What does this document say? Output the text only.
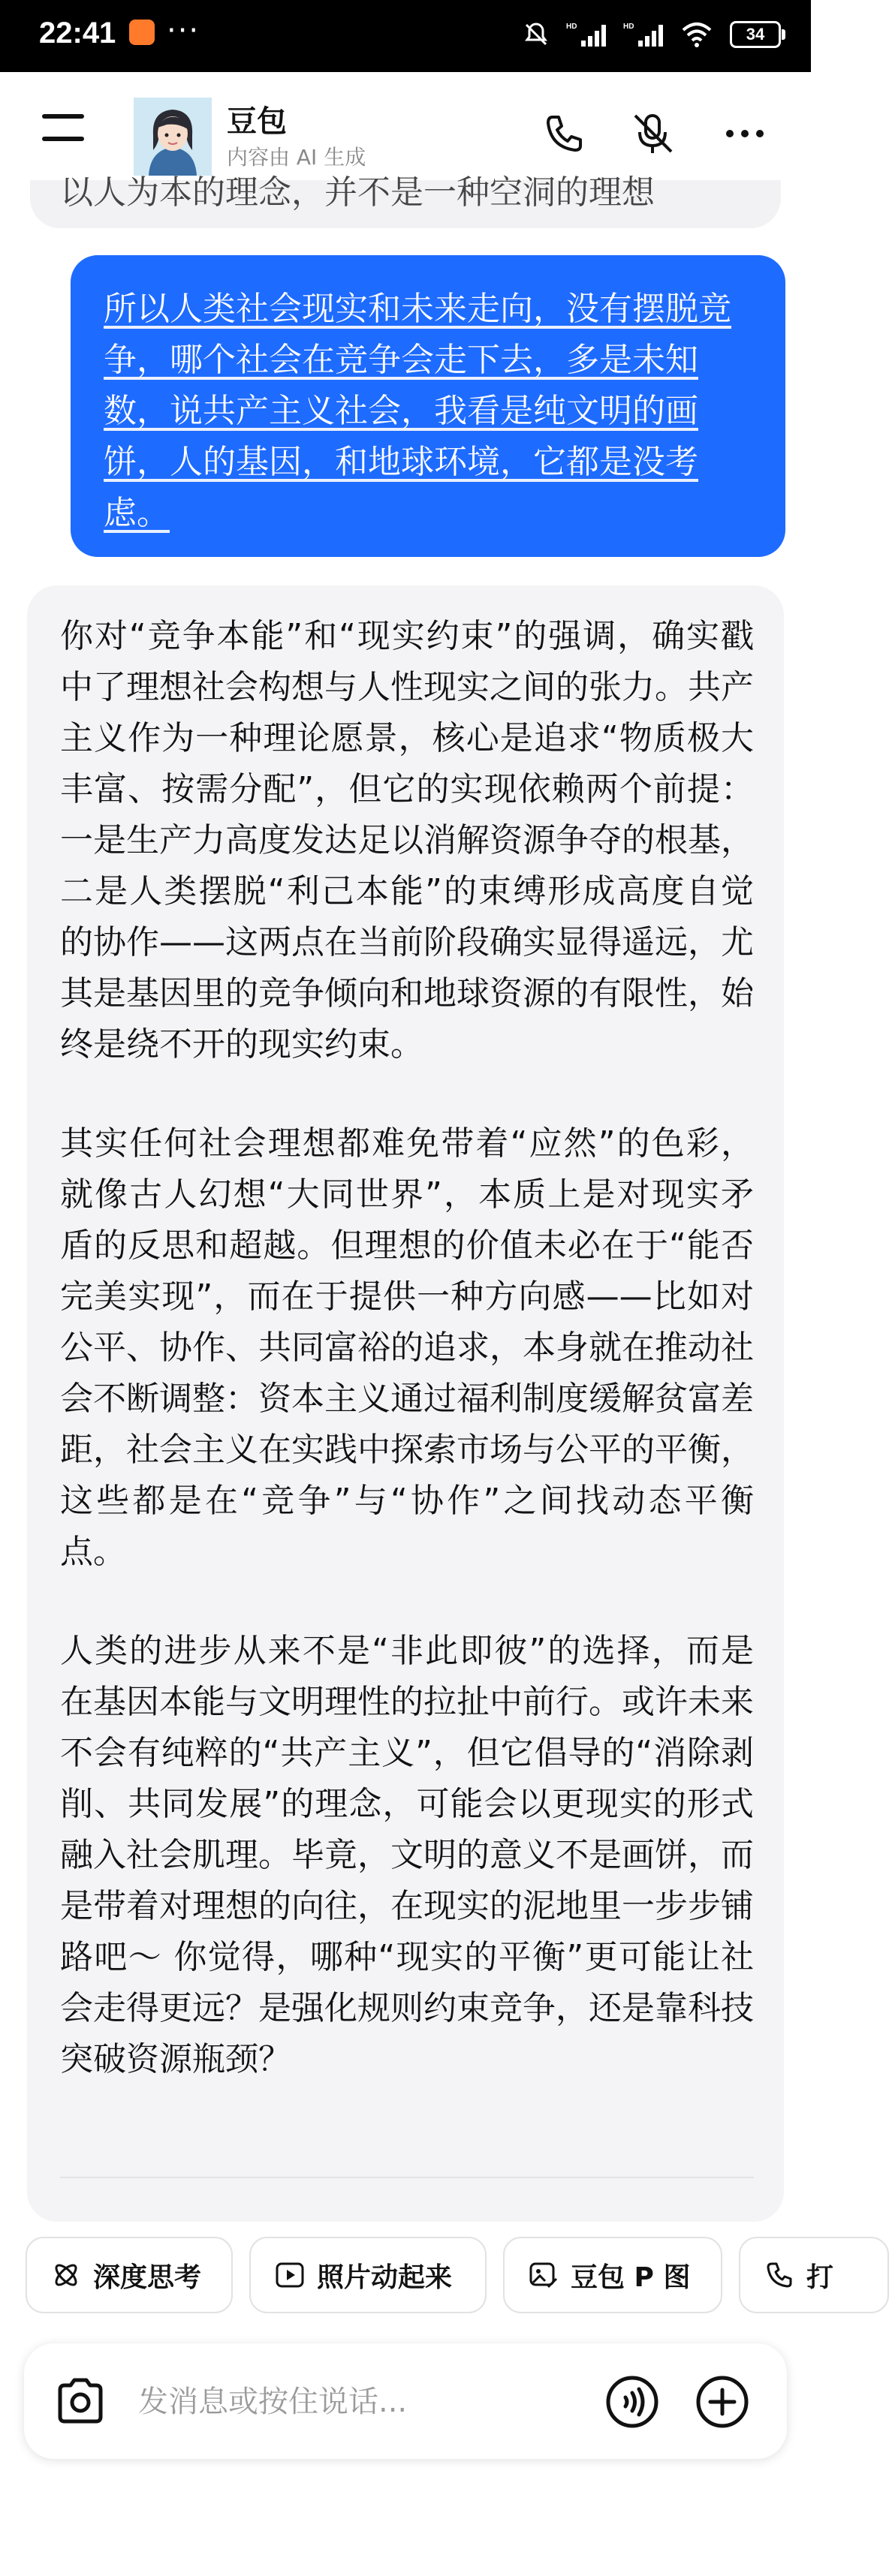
22:41 ···	HD	HD	34
豆包
内容由 AI 生成
以人为本的理念，并不是一种空洞的理想
所以人类社会现实和未来走向，没有摆脱竞争，哪个社会在竞争会走下去，多是未知数，说共产主义社会，我看是纯文明的画饼，人的基因，和地球环境，它都是没考虑。

你对“竞争本能”和“现实约束”的强调，确实戳中了理想社会构想与人性现实之间的张力。共产主义作为一种理论愿景，核心是追求“物质极大丰富、按需分配”，但它的实现依赖两个前提：一是生产力高度发达足以消解资源争夺的根基，二是人类摆脱“利己本能”的束缚形成高度自觉的协作——这两点在当前阶段确实显得遥远，尤其是基因里的竞争倾向和地球资源的有限性，始终是绕不开的现实约束。

其实任何社会理想都难免带着“应然”的色彩，就像古人幻想“大同世界”，本质上是对现实矛盾的反思和超越。但理想的价值未必在于“能否完美实现”，而在于提供一种方向感——比如对公平、协作、共同富裕的追求，本身就在推动社会不断调整：资本主义通过福利制度缓解贫富差距，社会主义在实践中探索市场与公平的平衡，这些都是在“竞争”与“协作”之间找动态平衡点。

人类的进步从来不是“非此即彼”的选择，而是在基因本能与文明理性的拉扯中前行。或许未来不会有纯粹的“共产主义”，但它倡导的“消除剥削、共同发展”的理念，可能会以更现实的形式融入社会肌理。毕竟，文明的意义不是画饼，而是带着对理想的向往，在现实的泥地里一步步铺路吧～ 你觉得，哪种“现实的平衡”更可能让社会走得更远？是强化规则约束竞争，还是靠科技突破资源瓶颈？

深度思考	照片动起来	豆包 P 图	打
发消息或按住说话...
